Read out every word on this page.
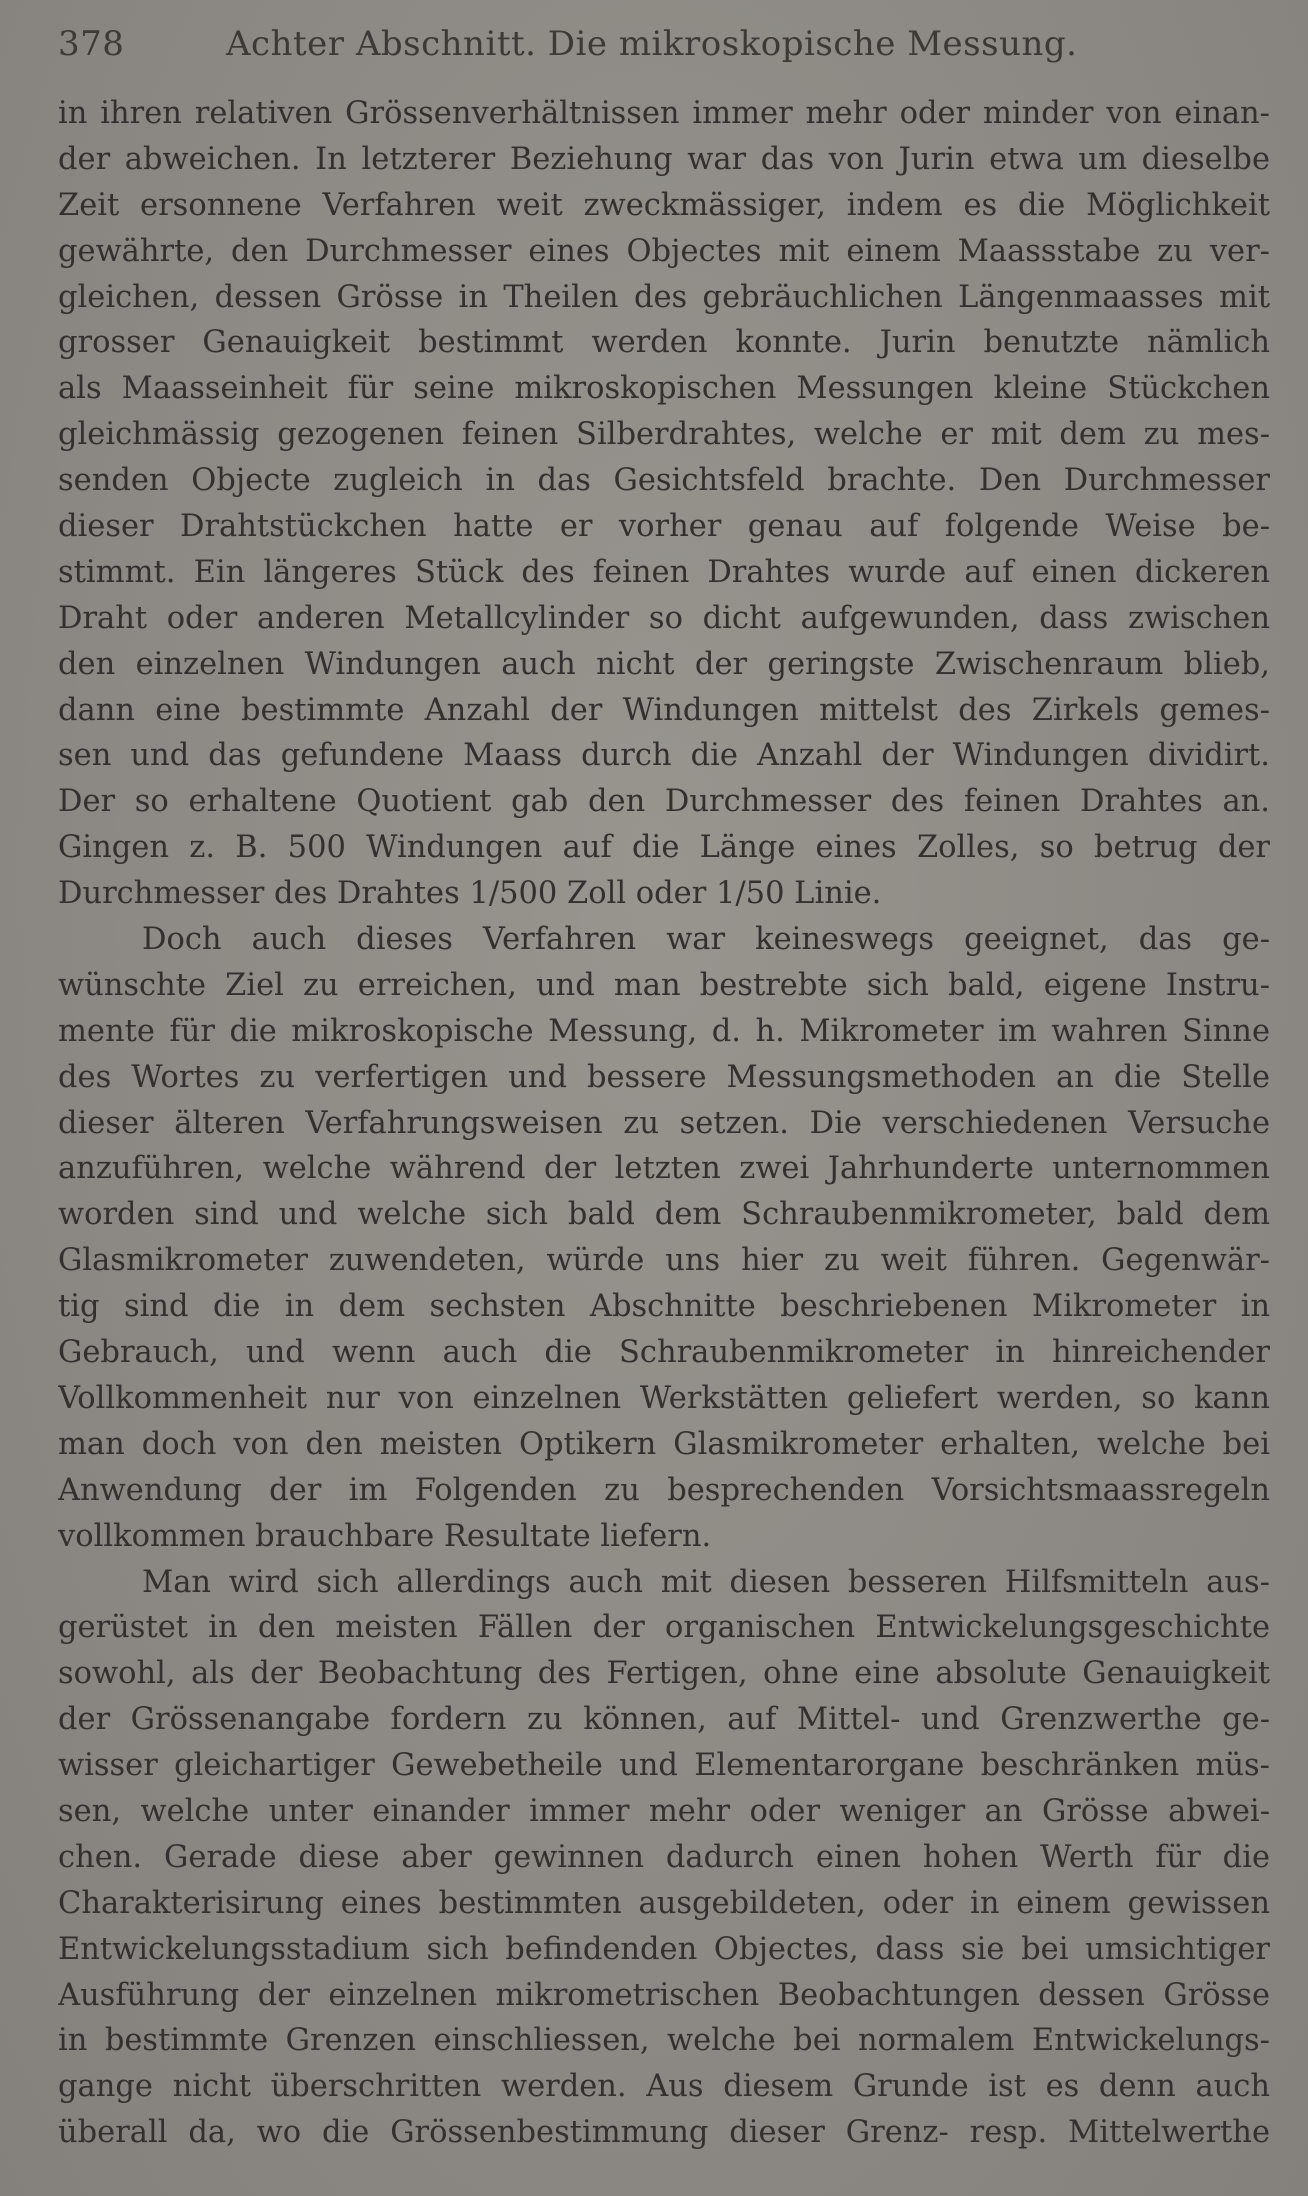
378	Achter Abschnitt. Die mikroskopische Messung.
in ihren relativen Grössenverhältnissen immer mehr oder minder von einan-
der abweichen. In letzterer Beziehung war das von Jurin etwa um dieselbe
Zeit ersonnene Verfahren weit zweckmässiger, indem es die Möglichkeit
gewährte, den Durchmesser eines Objectes mit einem Maassstabe zu ver-
gleichen, dessen Grösse in Theilen des gebräuchlichen Längenmaasses mit
grosser Genauigkeit bestimmt werden konnte. Jurin benutzte nämlich
als Maasseinheit für seine mikroskopischen Messungen kleine Stückchen
gleichmässig gezogenen feinen Silberdrahtes, welche er mit dem zu mes-
senden Objecte zugleich in das Gesichtsfeld brachte. Den Durchmesser
dieser Drahtstückchen hatte er vorher genau auf folgende Weise be-
stimmt. Ein längeres Stück des feinen Drahtes wurde auf einen dickeren
Draht oder anderen Metallcylinder so dicht aufgewunden, dass zwischen
den einzelnen Windungen auch nicht der geringste Zwischenraum blieb,
dann eine bestimmte Anzahl der Windungen mittelst des Zirkels gemes-
sen und das gefundene Maass durch die Anzahl der Windungen dividirt.
Der so erhaltene Quotient gab den Durchmesser des feinen Drahtes an.
Gingen z. B. 500 Windungen auf die Länge eines Zolles, so betrug der
Durchmesser des Drahtes 1/500 Zoll oder 1/50 Linie.
Doch auch dieses Verfahren war keineswegs geeignet, das ge-
wünschte Ziel zu erreichen, und man bestrebte sich bald, eigene Instru-
mente für die mikroskopische Messung, d. h. Mikrometer im wahren Sinne
des Wortes zu verfertigen und bessere Messungsmethoden an die Stelle
dieser älteren Verfahrungsweisen zu setzen. Die verschiedenen Versuche
anzuführen, welche während der letzten zwei Jahrhunderte unternommen
worden sind und welche sich bald dem Schraubenmikrometer, bald dem
Glasmikrometer zuwendeten, würde uns hier zu weit führen. Gegenwär-
tig sind die in dem sechsten Abschnitte beschriebenen Mikrometer in
Gebrauch, und wenn auch die Schraubenmikrometer in hinreichender
Vollkommenheit nur von einzelnen Werkstätten geliefert werden, so kann
man doch von den meisten Optikern Glasmikrometer erhalten, welche bei
Anwendung der im Folgenden zu besprechenden Vorsichtsmaassregeln
vollkommen brauchbare Resultate liefern.
Man wird sich allerdings auch mit diesen besseren Hilfsmitteln aus-
gerüstet in den meisten Fällen der organischen Entwickelungsgeschichte
sowohl, als der Beobachtung des Fertigen, ohne eine absolute Genauigkeit
der Grössenangabe fordern zu können, auf Mittel- und Grenzwerthe ge-
wisser gleichartiger Gewebetheile und Elementarorgane beschränken müs-
sen, welche unter einander immer mehr oder weniger an Grösse abwei-
chen. Gerade diese aber gewinnen dadurch einen hohen Werth für die
Charakterisirung eines bestimmten ausgebildeten, oder in einem gewissen
Entwickelungsstadium sich befindenden Objectes, dass sie bei umsichtiger
Ausführung der einzelnen mikrometrischen Beobachtungen dessen Grösse
in bestimmte Grenzen einschliessen, welche bei normalem Entwickelungs-
gange nicht überschritten werden. Aus diesem Grunde ist es denn auch
überall da, wo die Grössenbestimmung dieser Grenz- resp. Mittelwerthe
